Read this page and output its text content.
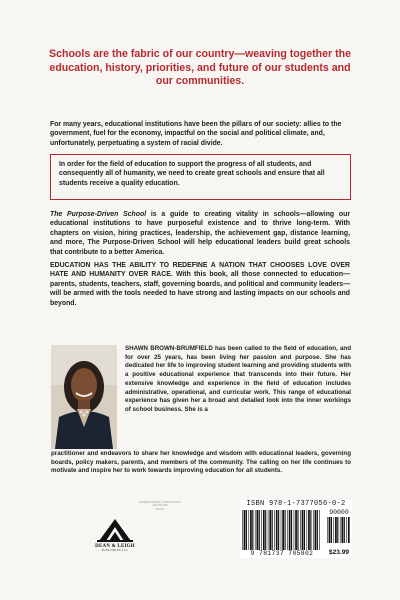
Schools are the fabric of our country—weaving together the education, history, priorities, and future of our students and our communities.
For many years, educational institutions have been the pillars of our society: allies to the government, fuel for the economy, impactful on the social and political climate, and, unfortunately, perpetuating a system of racial divide.
In order for the field of education to support the progress of all students, and consequently all of humanity, we need to create great schools and ensure that all students receive a quality education.
The Purpose-Driven School is a guide to creating vitality in schools—allowing our educational institutions to have purposeful existence and to thrive long-term. With chapters on vision, hiring practices, leadership, the achievement gap, distance learning, and more, The Purpose-Driven School will help educational leaders build great schools that contribute to a better America.
EDUCATION HAS THE ABILITY TO REDEFINE A NATION THAT CHOOSES LOVE OVER HATE AND HUMANITY OVER RACE. With this book, all those connected to education—parents, students, teachers, staff, governing boards, and political and community leaders—will be armed with the tools needed to have strong and lasting impacts on our schools and beyond.
SHAWN BROWN-BRUMFIELD has been called to the field of education, and for over 25 years, has been living her passion and purpose. She has dedicated her life to improving student learning and providing students with a positive educational experience that transcends into their future. Her extensive knowledge and experience in the field of education includes administrative, operational, and curricular work. This range of educational experience has given her a broad and detailed look into the inner workings of school business. She is a
practitioner and endeavors to share her knowledge and wisdom with educational leaders, governing boards, policy makers, parents, and members of the community. The calling on her life continues to motivate and inspire her to work towards improving education for all students.
INDEPENDENT PUBLISHERS
CERTIFIED
BOOK
DEAN & LEIGH
PUBLISHING LLC
ISBN 978-1-7377056-0-2
90000
9 781737 705802	$23.99
